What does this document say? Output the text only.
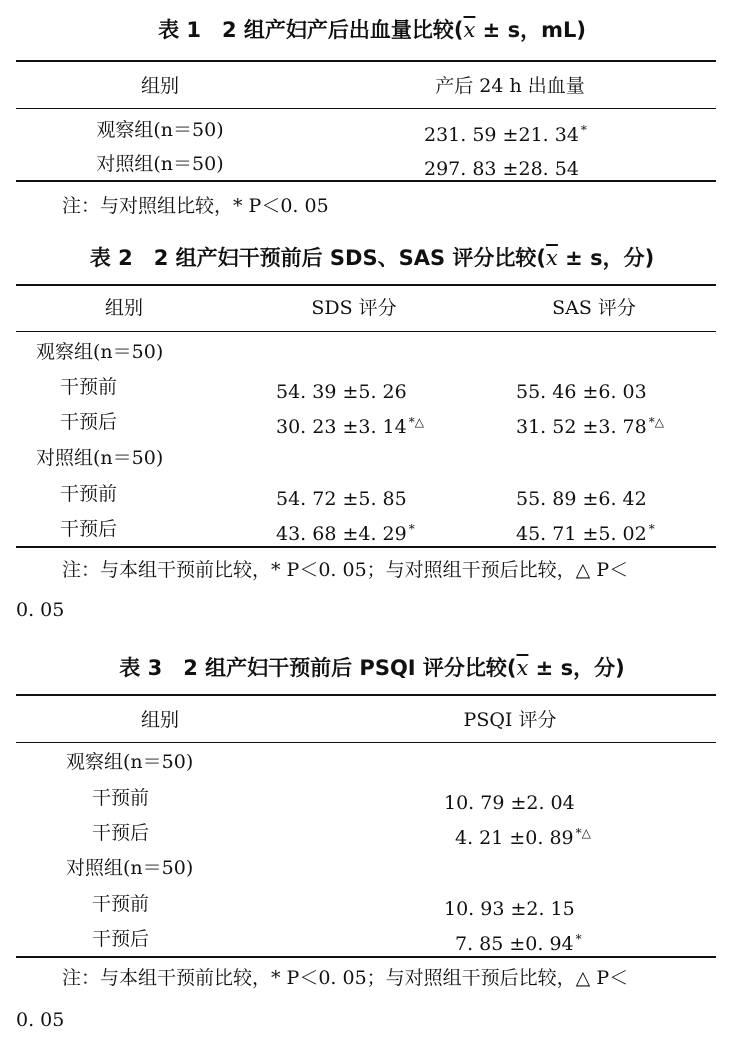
表 1　2 组产妇产后出血量比较($\overline{x} \pm s$，mL)
组别	产后 24 h 出血量
观察组(n＝50)	231. 59 ±21. 34 *
对照组(n＝50)	297. 83 ±28. 54
注：与对照组比较，* P＜0. 05
表 2　2 组产妇干预前后 SDS、SAS 评分比较($\overline{x} \pm s$，分)
组别	SDS 评分	SAS 评分
观察组(n＝50)
干预前	54. 39 ±5. 26	55. 46 ±6. 03
干预后	30. 23 ±3. 14 *△	31. 52 ±3. 78 *△
对照组(n＝50)
干预前	54. 72 ±5. 85	55. 89 ±6. 42
干预后	43. 68 ±4. 29 *	45. 71 ±5. 02 *
注：与本组干预前比较，* P＜0. 05；与对照组干预后比较，△ P＜
0. 05
表 3　2 组产妇干预前后 PSQI 评分比较($\overline{x} \pm s$，分)
组别	PSQI 评分
观察组(n＝50)
干预前	10. 79 ±2. 04
干预后	4. 21 ±0. 89 *△
对照组(n＝50)
干预前	10. 93 ±2. 15
干预后	7. 85 ±0. 94 *
注：与本组干预前比较，* P＜0. 05；与对照组干预后比较，△ P＜
0. 05
